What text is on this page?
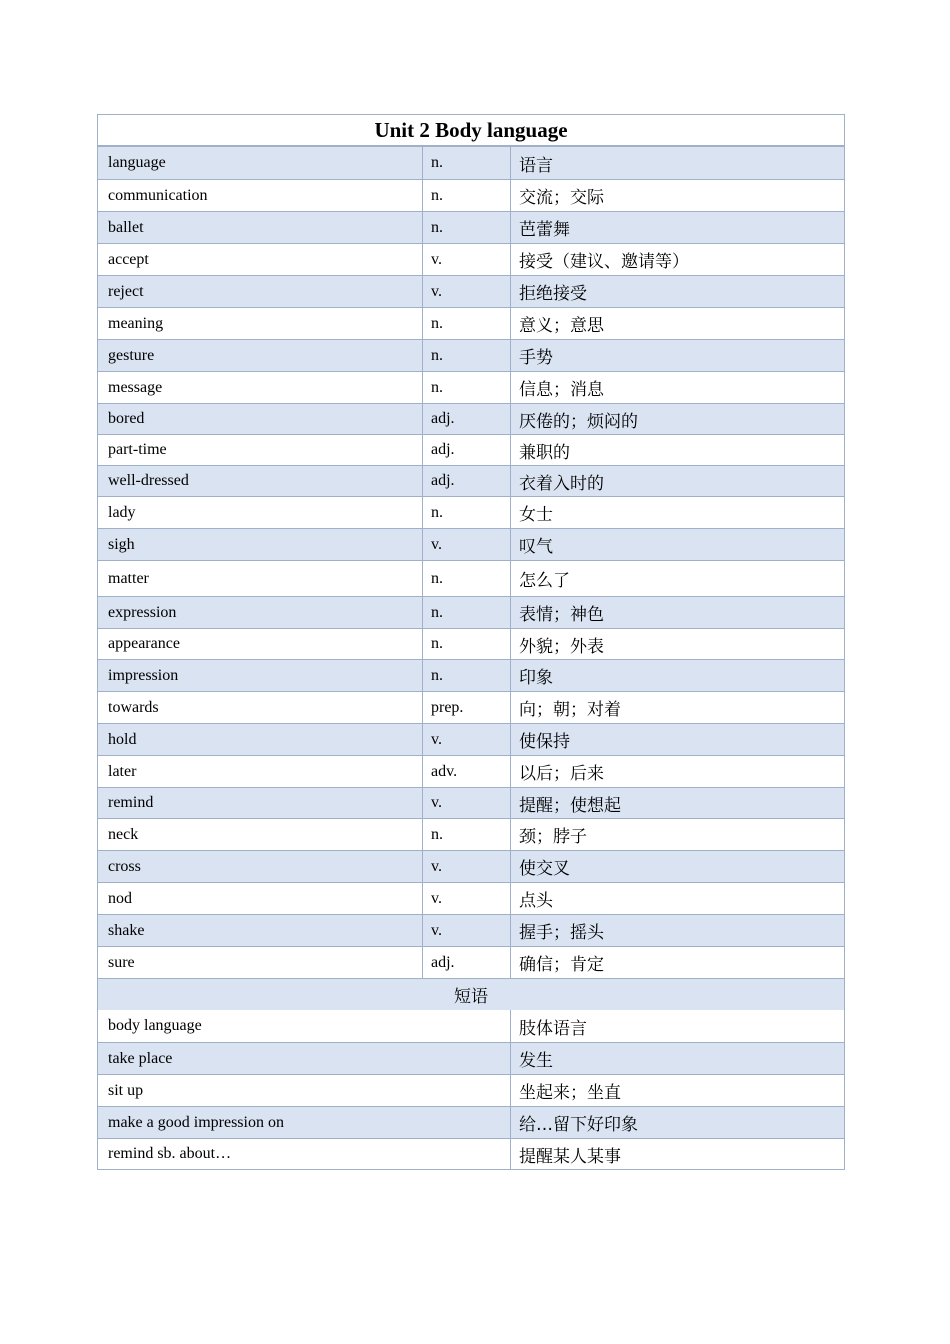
Unit 2 Body language
language	n.	语言
communication	n.	交流；交际
ballet	n.	芭蕾舞
accept	v.	接受（建议、邀请等）
reject	v.	拒绝接受
meaning	n.	意义；意思
gesture	n.	手势
message	n.	信息；消息
bored	adj.	厌倦的；烦闷的
part-time	adj.	兼职的
well-dressed	adj.	衣着入时的
lady	n.	女士
sigh	v.	叹气
matter	n.	怎么了
expression	n.	表情；神色
appearance	n.	外貌；外表
impression	n.	印象
towards	prep.	向；朝；对着
hold	v.	使保持
later	adv.	以后；后来
remind	v.	提醒；使想起
neck	n.	颈；脖子
cross	v.	使交叉
nod	v.	点头
shake	v.	握手；摇头
sure	adj.	确信；肯定
短语
body language	肢体语言
take place	发生
sit up	坐起来；坐直
make a good impression on	给…留下好印象
remind sb. about…	提醒某人某事
